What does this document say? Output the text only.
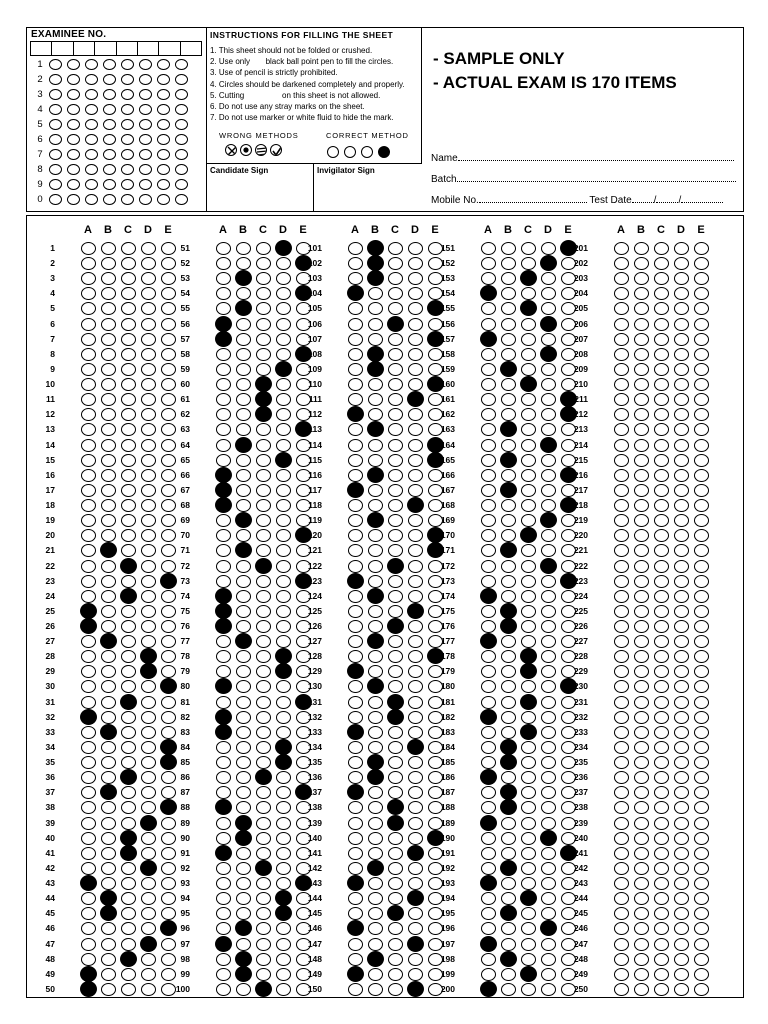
EXAMINEE NO.
1
2
3
4
5
6
7
8
9
0
INSTRUCTIONS FOR FILLING THE SHEET
1. This sheet should not be folded or crushed.
2. Use only       black ball point pen to fill the circles.
3. Use of pencil is strictly prohibited.
4. Circles should be darkened completely and properly.
5. Cutting                 on this sheet is not allowed.
6. Do not use any stray marks on the sheet.
7. Do not use marker or white fluid to hide the mark.
WRONG METHODS	CORRECT METHOD
Candidate Sign	Invigilator Sign
- SAMPLE ONLY
- ACTUAL EXAM IS 170 ITEMS
Name
Batch
Mobile No.	Test Date / /
A B C D	E
1
2
3
4
5
6
7
8
9
10
11
12
13
14
15
16
17
18
19
20
21
22
23
24
25
26
27
28
29
30
31
32
33
34
35
36
37
38
39
40
41
42
43
44
45
46
47
48
49
50
A B C D	E
51
52
53
54
55
56
57
58
59
60
61
62
63
64
65
66
67
68
69
70
71
72
73
74
75
76
77
78
79
80
81
82
83
84
85
86
87
88
89
90
91
92
93
94
95
96
97
98
99
100
A B C D	E
101
102
103
104
105
106
107
108
109
110
111
112
113
114
115
116
117
118
119
120
121
122
123
124
125
126
127
128
129
130
131
132
133
134
135
136
137
138
139
140
141
142
143
144
145
146
147
148
149
150
A B C D	E
151
152
153
154
155
156
157
158
159
160
161
162
163
164
165
166
167
168
169
170
171
172
173
174
175
176
177
178
179
180
181
182
183
184
185
186
187
188
189
190
191
192
193
194
195
196
197
198
199
200
A B C D	E
201
202
203
204
205
206
207
208
209
210
211
212
213
214
215
216
217
218
219
220
221
222
223
224
225
226
227
228
229
230
231
232
233
234
235
236
237
238
239
240
241
242
243
244
245
246
247
248
249
250
